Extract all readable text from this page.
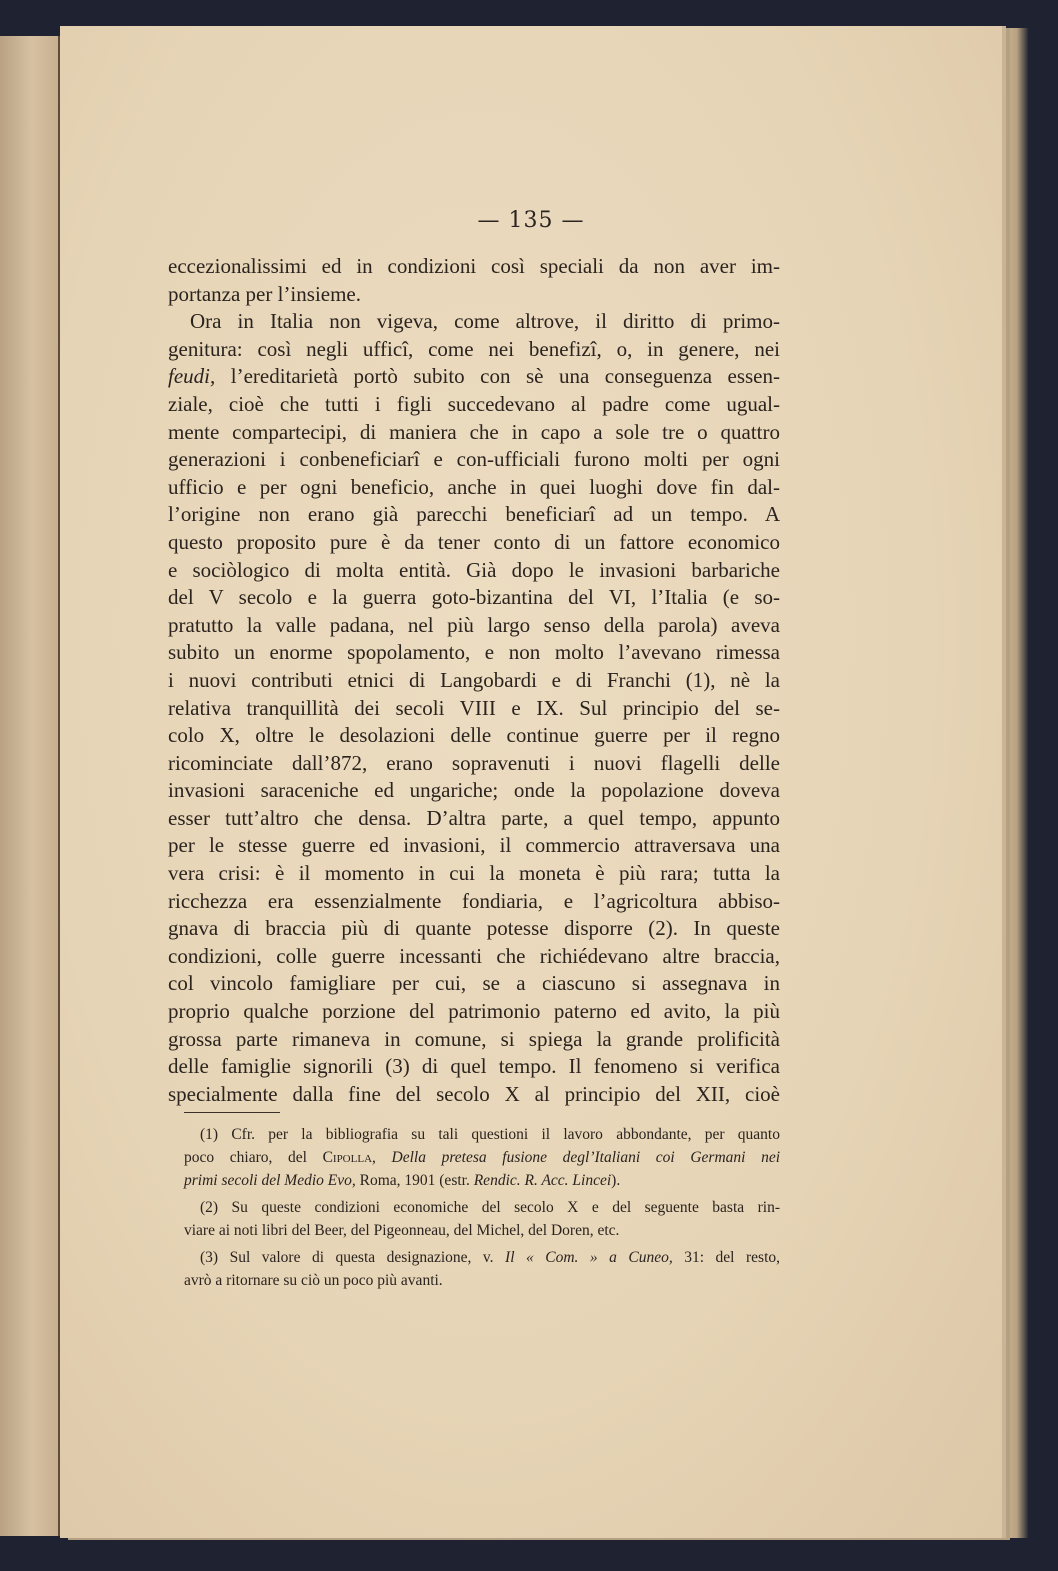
— 135 —
eccezionalissimi ed in condizioni così speciali da non aver im-
portanza per l’insieme.
Ora in Italia non vigeva, come altrove, il diritto di primo-
genitura: così negli ufficî, come nei benefizî, o, in genere, nei
feudi, l’ereditarietà portò subito con sè una conseguenza essen-
ziale, cioè che tutti i figli succedevano al padre come ugual-
mente compartecipi, di maniera che in capo a sole tre o quattro
generazioni i conbeneficiarî e con-ufficiali furono molti per ogni
ufficio e per ogni beneficio, anche in quei luoghi dove fin dal-
l’origine non erano già parecchi beneficiarî ad un tempo. A
questo proposito pure è da tener conto di un fattore economico
e sociòlogico di molta entità. Già dopo le invasioni barbariche
del V secolo e la guerra goto-bizantina del VI, l’Italia (e so-
pratutto la valle padana, nel più largo senso della parola) aveva
subito un enorme spopolamento, e non molto l’avevano rimessa
i nuovi contributi etnici di Langobardi e di Franchi (1), nè la
relativa tranquillità dei secoli VIII e IX. Sul principio del se-
colo X, oltre le desolazioni delle continue guerre per il regno
ricominciate dall’872, erano sopravenuti i nuovi flagelli delle
invasioni saraceniche ed ungariche; onde la popolazione doveva
esser tutt’altro che densa. D’altra parte, a quel tempo, appunto
per le stesse guerre ed invasioni, il commercio attraversava una
vera crisi: è il momento in cui la moneta è più rara; tutta la
ricchezza era essenzialmente fondiaria, e l’agricoltura abbiso-
gnava di braccia più di quante potesse disporre (2). In queste
condizioni, colle guerre incessanti che richiédevano altre braccia,
col vincolo famigliare per cui, se a ciascuno si assegnava in
proprio qualche porzione del patrimonio paterno ed avito, la più
grossa parte rimaneva in comune, si spiega la grande prolificità
delle famiglie signorili (3) di quel tempo. Il fenomeno si verifica
specialmente dalla fine del secolo X al principio del XII, cioè
(1) Cfr. per la bibliografia su tali questioni il lavoro abbondante, per quanto
poco chiaro, del Cipolla, Della pretesa fusione degl’Italiani coi Germani nei
primi secoli del Medio Evo, Roma, 1901 (estr. Rendic. R. Acc. Lincei).
(2) Su queste condizioni economiche del secolo X e del seguente basta rin-
viare ai noti libri del Beer, del Pigeonneau, del Michel, del Doren, etc.
(3) Sul valore di questa designazione, v. Il « Com. » a Cuneo, 31: del resto,
avrò a ritornare su ciò un poco più avanti.
